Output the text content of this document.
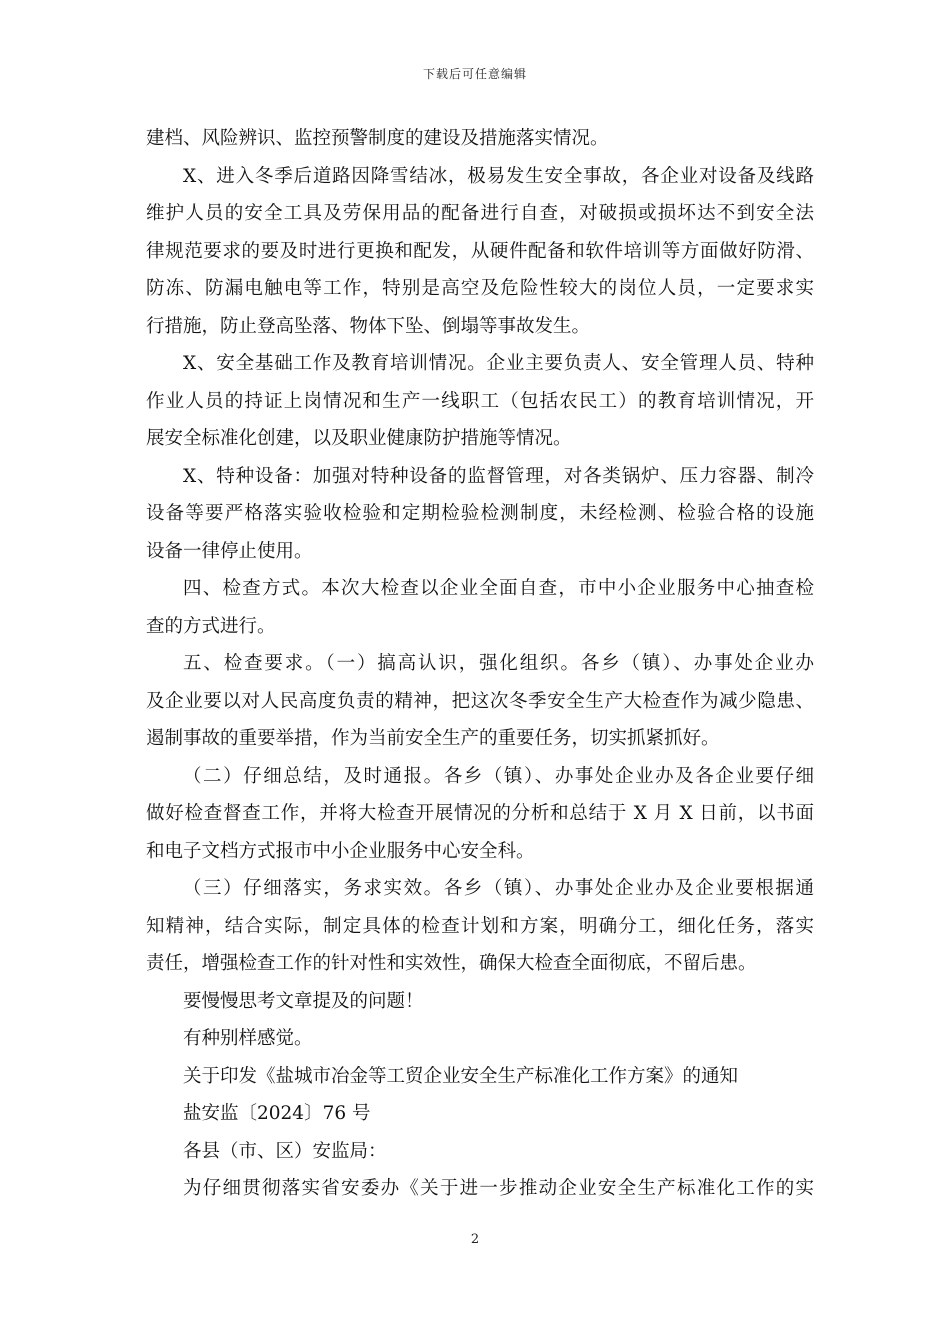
下载后可任意编辑
建档、风险辨识、监控预警制度的建设及措施落实情况。
X、进入冬季后道路因降雪结冰，极易发生安全事故，各企业对设备及线路
维护人员的安全工具及劳保用品的配备进行自查，对破损或损坏达不到安全法
律规范要求的要及时进行更换和配发，从硬件配备和软件培训等方面做好防滑、
防冻、防漏电触电等工作，特别是高空及危险性较大的岗位人员，一定要求实
行措施，防止登高坠落、物体下坠、倒塌等事故发生。
X、安全基础工作及教育培训情况。企业主要负责人、安全管理人员、特种
作业人员的持证上岗情况和生产一线职工（包括农民工）的教育培训情况，开
展安全标准化创建，以及职业健康防护措施等情况。
X、特种设备：加强对特种设备的监督管理，对各类锅炉、压力容器、制冷
设备等要严格落实验收检验和定期检验检测制度，未经检测、检验合格的设施
设备一律停止使用。
四、检查方式。本次大检查以企业全面自查，市中小企业服务中心抽查检
查的方式进行。
五、检查要求。（一）搞高认识，强化组织。各乡（镇）、办事处企业办
及企业要以对人民高度负责的精神，把这次冬季安全生产大检查作为减少隐患、
遏制事故的重要举措，作为当前安全生产的重要任务，切实抓紧抓好。
（二）仔细总结，及时通报。各乡（镇）、办事处企业办及各企业要仔细
做好检查督查工作，并将大检查开展情况的分析和总结于 X 月 X 日前，以书面
和电子文档方式报市中小企业服务中心安全科。
（三）仔细落实，务求实效。各乡（镇）、办事处企业办及企业要根据通
知精神，结合实际，制定具体的检查计划和方案，明确分工，细化任务，落实
责任，增强检查工作的针对性和实效性，确保大检查全面彻底，不留后患。
要慢慢思考文章提及的问题！
有种别样感觉。
关于印发《盐城市冶金等工贸企业安全生产标准化工作方案》的通知
盐安监〔2024〕76 号
各县（市、区）安监局：
为仔细贯彻落实省安委办《关于进一步推动企业安全生产标准化工作的实
2
